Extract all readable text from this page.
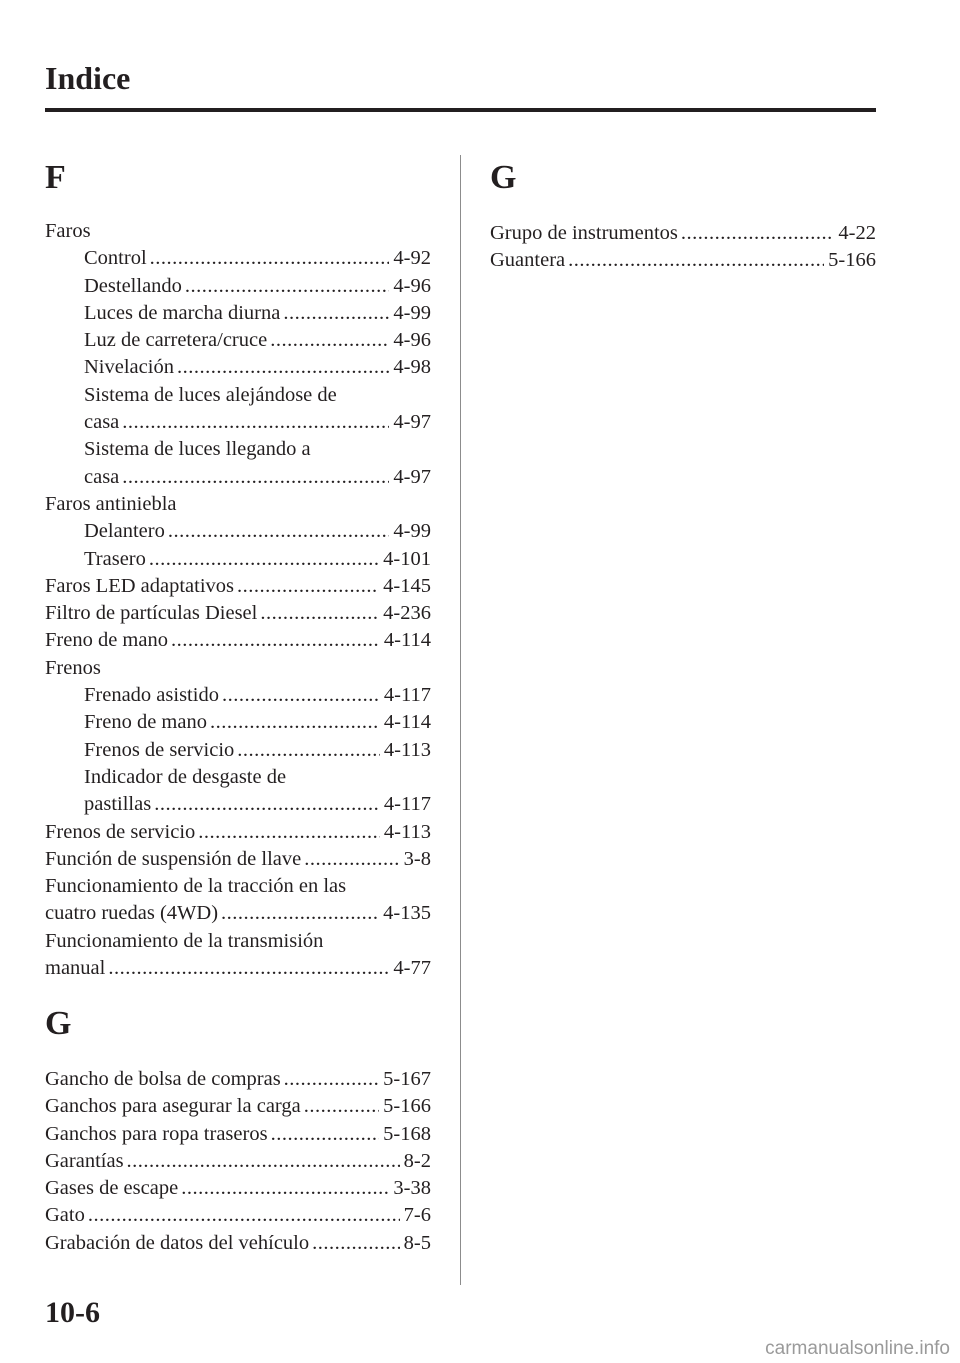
Indice
F
Faros
Control .....	4-92
Destellando .....	4-96
Luces de marcha diurna .....	4-99
Luz de carretera/cruce .....	4-96
Nivelación .....	4-98
Sistema de luces alejándose de
casa .....	4-97
Sistema de luces llegando a
casa .....	4-97
Faros antiniebla
Delantero .....	4-99
Trasero .....	4-101
Faros LED adaptativos .....	4-145
Filtro de partículas Diesel .....	4-236
Freno de mano .....	4-114
Frenos
Frenado asistido .....	4-117
Freno de mano .....	4-114
Frenos de servicio .....	4-113
Indicador de desgaste de
pastillas .....	4-117
Frenos de servicio .....	4-113
Función de suspensión de llave .....	3-8
Funcionamiento de la tracción en las
cuatro ruedas (4WD) .....	4-135
Funcionamiento de la transmisión
manual .....	4-77
G
Gancho de bolsa de compras .....	5-167
Ganchos para asegurar la carga .....	5-166
Ganchos para ropa traseros .....	5-168
Garantías .....	8-2
Gases de escape .....	3-38
Gato .....	7-6
Grabación de datos del vehículo .....	8-5
G
Grupo de instrumentos .....	4-22
Guantera .....	5-166
10-6
carmanualsonline.info
